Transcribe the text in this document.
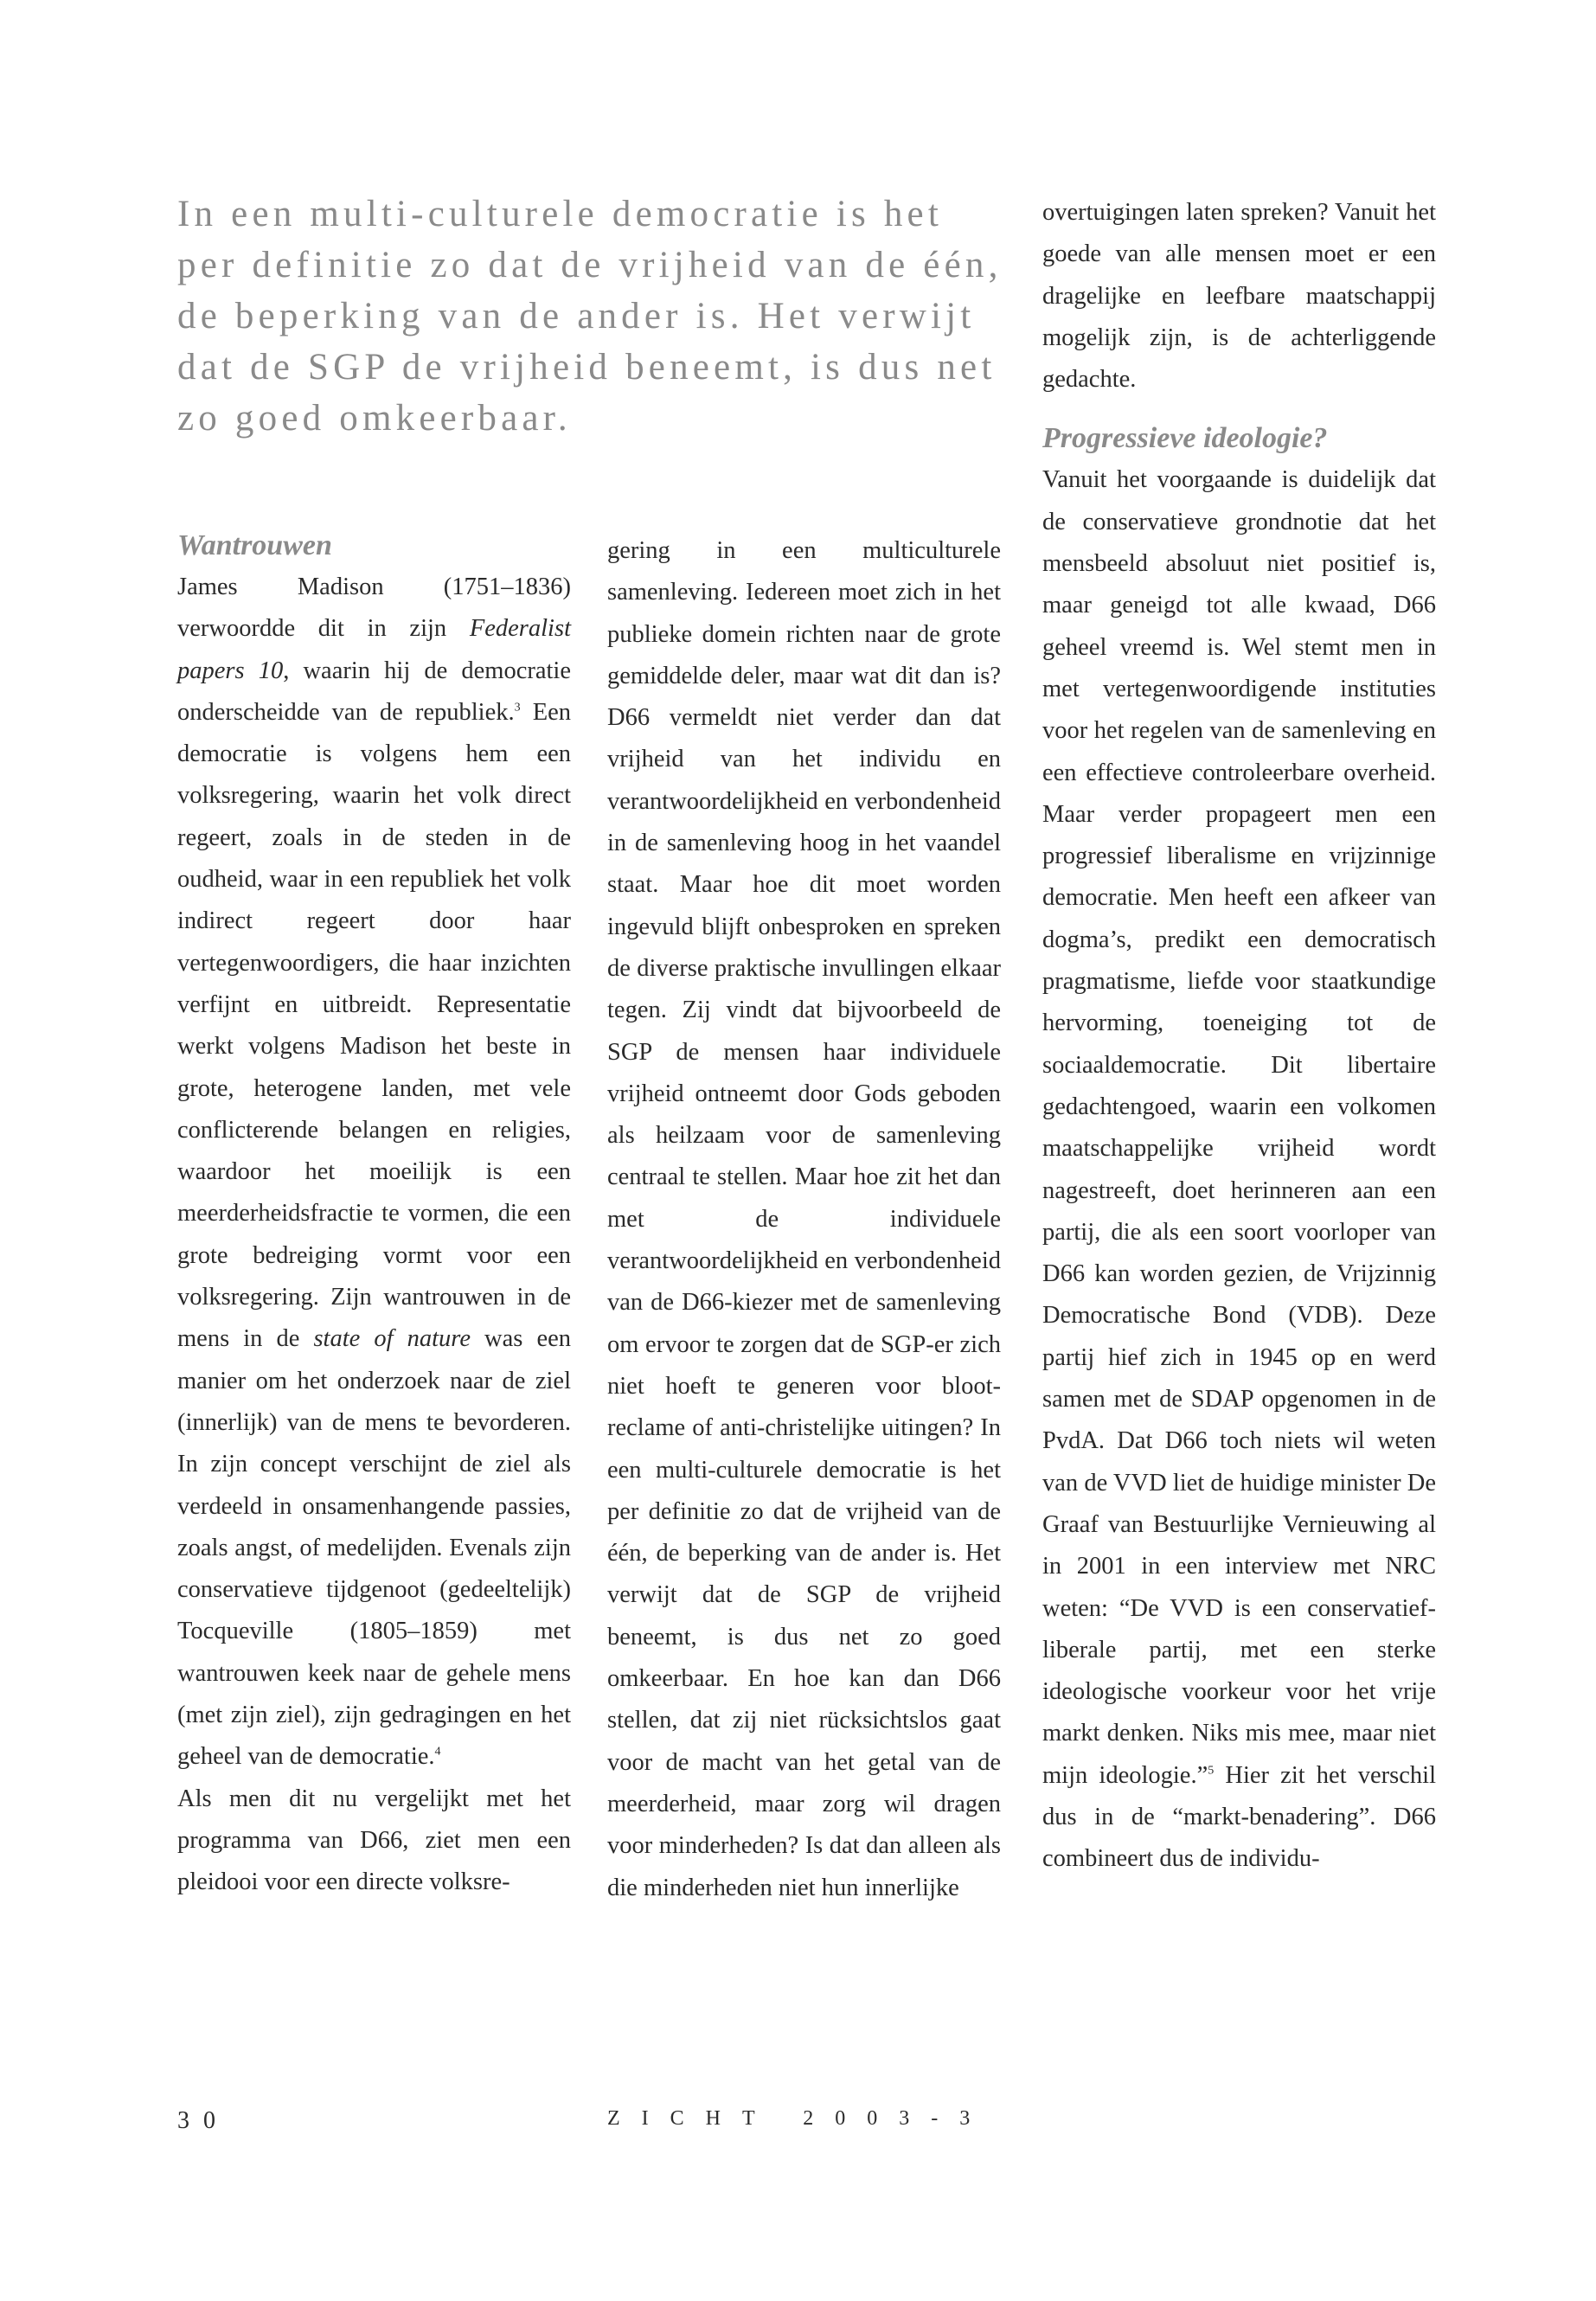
In een multi-culturele democratie is het per definitie zo dat de vrijheid van de één, de beperking van de ander is. Het verwijt dat de SGP de vrijheid beneemt, is dus net zo goed omkeerbaar.

Wantrouwen

James Madison (1751–1836) verwoordde dit in zijn Federalist papers 10, waarin hij de democratie onderscheidde van de republiek.$^3$ Een democratie is volgens hem een volksregering, waarin het volk direct regeert, zoals in de steden in de oudheid, waar in een republiek het volk indirect regeert door haar vertegenwoordigers, die haar inzichten verfijnt en uitbreidt. Representatie werkt volgens Madison het beste in grote, heterogene landen, met vele conflicterende belangen en religies, waardoor het moeilijk is een meerderheidsfractie te vormen, die een grote bedreiging vormt voor een volksregering. Zijn wantrouwen in de mens in de state of nature was een manier om het onderzoek naar de ziel (innerlijk) van de mens te bevorderen. In zijn concept verschijnt de ziel als verdeeld in onsamenhangende passies, zoals angst, of medelijden. Evenals zijn conservatieve tijdgenoot (gedeeltelijk) Tocqueville (1805–1859) met wantrouwen keek naar de gehele mens (met zijn ziel), zijn gedragingen en het geheel van de democratie.$^4$

Als men dit nu vergelijkt met het programma van D66, ziet men een pleidooi voor een directe volksre-

gering in een multiculturele samenleving. Iedereen moet zich in het publieke domein richten naar de grote gemiddelde deler, maar wat dit dan is? D66 vermeldt niet verder dan dat vrijheid van het individu en verantwoordelijkheid en verbondenheid in de samenleving hoog in het vaandel staat. Maar hoe dit moet worden ingevuld blijft onbesproken en spreken de diverse praktische invullingen elkaar tegen. Zij vindt dat bijvoorbeeld de SGP de mensen haar individuele vrijheid ontneemt door Gods geboden als heilzaam voor de samenleving centraal te stellen. Maar hoe zit het dan met de individuele verantwoordelijkheid en verbondenheid van de D66-kiezer met de samenleving om ervoor te zorgen dat de SGP-er zich niet hoeft te generen voor bloot-reclame of anti-christelijke uitingen? In een multi-culturele democratie is het per definitie zo dat de vrijheid van de één, de beperking van de ander is. Het verwijt dat de SGP de vrijheid beneemt, is dus net zo goed omkeerbaar. En hoe kan dan D66 stellen, dat zij niet rücksichtslos gaat voor de macht van het getal van de meerderheid, maar zorg wil dragen voor minderheden? Is dat dan alleen als die minderheden niet hun innerlijke

overtuigingen laten spreken? Vanuit het goede van alle mensen moet er een dragelijke en leefbare maatschappij mogelijk zijn, is de achterliggende gedachte.

Progressieve ideologie?

Vanuit het voorgaande is duidelijk dat de conservatieve grondnotie dat het mensbeeld absoluut niet positief is, maar geneigd tot alle kwaad, D66 geheel vreemd is. Wel stemt men in met vertegenwoordigende instituties voor het regelen van de samenleving en een effectieve controleerbare overheid. Maar verder propageert men een progressief liberalisme en vrijzinnige democratie. Men heeft een afkeer van dogma’s, predikt een democratisch pragmatisme, liefde voor staatkundige hervorming, toeneiging tot de sociaaldemocratie. Dit libertaire gedachtengoed, waarin een volkomen maatschappelijke vrijheid wordt nagestreeft, doet herinneren aan een partij, die als een soort voorloper van D66 kan worden gezien, de Vrijzinnig Democratische Bond (VDB). Deze partij hief zich in 1945 op en werd samen met de SDAP opgenomen in de PvdA. Dat D66 toch niets wil weten van de VVD liet de huidige minister De Graaf van Bestuurlijke Vernieuwing al in 2001 in een interview met NRC weten: “De VVD is een conservatief-liberale partij, met een sterke ideologische voorkeur voor het vrije markt denken. Niks mis mee, maar niet mijn ideologie.”$^5$ Hier zit het verschil dus in de “markt-benadering”. D66 combineert dus de individu-

30	ZICHT 2003-3
